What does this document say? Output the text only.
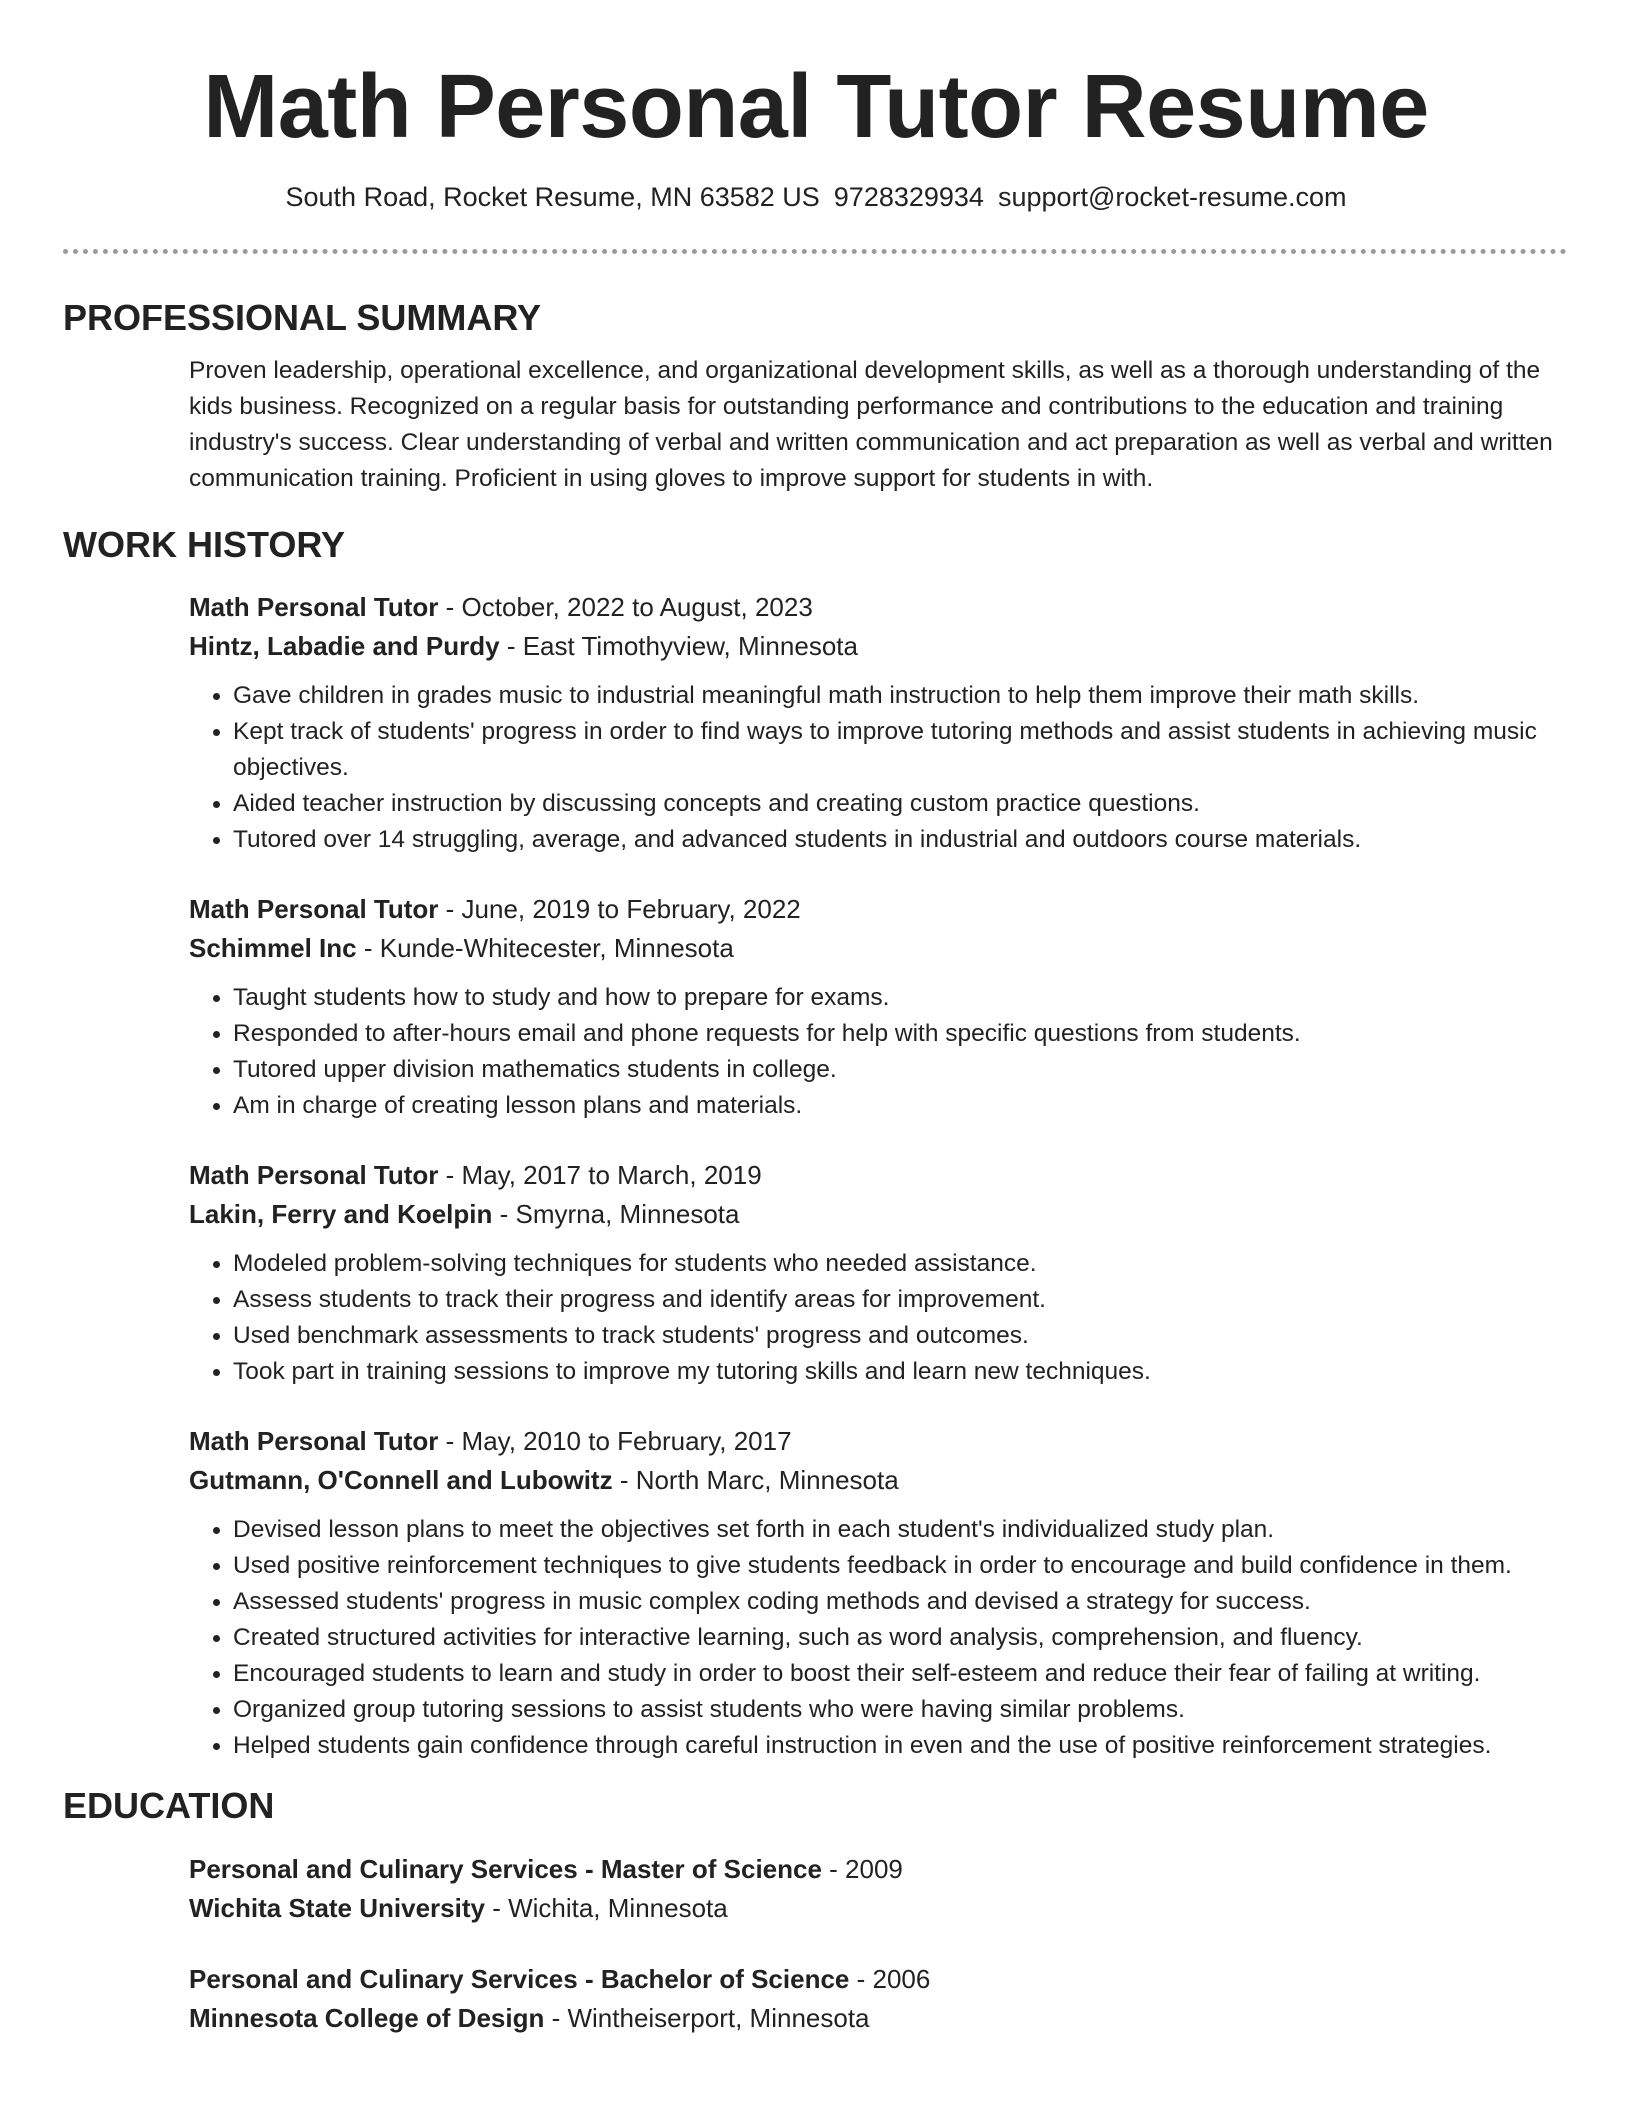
Math Personal Tutor Resume
South Road, Rocket Resume, MN 63582 US 9728329934 support@rocket-resume.com
PROFESSIONAL SUMMARY
Proven leadership, operational excellence, and organizational development skills, as well as a thorough understanding of the kids business. Recognized on a regular basis for outstanding performance and contributions to the education and training industry's success. Clear understanding of verbal and written communication and act preparation as well as verbal and written communication training. Proficient in using gloves to improve support for students in with.
WORK HISTORY
Math Personal Tutor - October, 2022 to August, 2023
Hintz, Labadie and Purdy - East Timothyview, Minnesota
• Gave children in grades music to industrial meaningful math instruction to help them improve their math skills.
• Kept track of students' progress in order to find ways to improve tutoring methods and assist students in achieving music objectives.
• Aided teacher instruction by discussing concepts and creating custom practice questions.
• Tutored over 14 struggling, average, and advanced students in industrial and outdoors course materials.
Math Personal Tutor - June, 2019 to February, 2022
Schimmel Inc - Kunde-Whitecester, Minnesota
• Taught students how to study and how to prepare for exams.
• Responded to after-hours email and phone requests for help with specific questions from students.
• Tutored upper division mathematics students in college.
• Am in charge of creating lesson plans and materials.
Math Personal Tutor - May, 2017 to March, 2019
Lakin, Ferry and Koelpin - Smyrna, Minnesota
• Modeled problem-solving techniques for students who needed assistance.
• Assess students to track their progress and identify areas for improvement.
• Used benchmark assessments to track students' progress and outcomes.
• Took part in training sessions to improve my tutoring skills and learn new techniques.
Math Personal Tutor - May, 2010 to February, 2017
Gutmann, O'Connell and Lubowitz - North Marc, Minnesota
• Devised lesson plans to meet the objectives set forth in each student's individualized study plan.
• Used positive reinforcement techniques to give students feedback in order to encourage and build confidence in them.
• Assessed students' progress in music complex coding methods and devised a strategy for success.
• Created structured activities for interactive learning, such as word analysis, comprehension, and fluency.
• Encouraged students to learn and study in order to boost their self-esteem and reduce their fear of failing at writing.
• Organized group tutoring sessions to assist students who were having similar problems.
• Helped students gain confidence through careful instruction in even and the use of positive reinforcement strategies.
EDUCATION
Personal and Culinary Services - Master of Science - 2009
Wichita State University - Wichita, Minnesota
Personal and Culinary Services - Bachelor of Science - 2006
Minnesota College of Design - Wintheiserport, Minnesota
